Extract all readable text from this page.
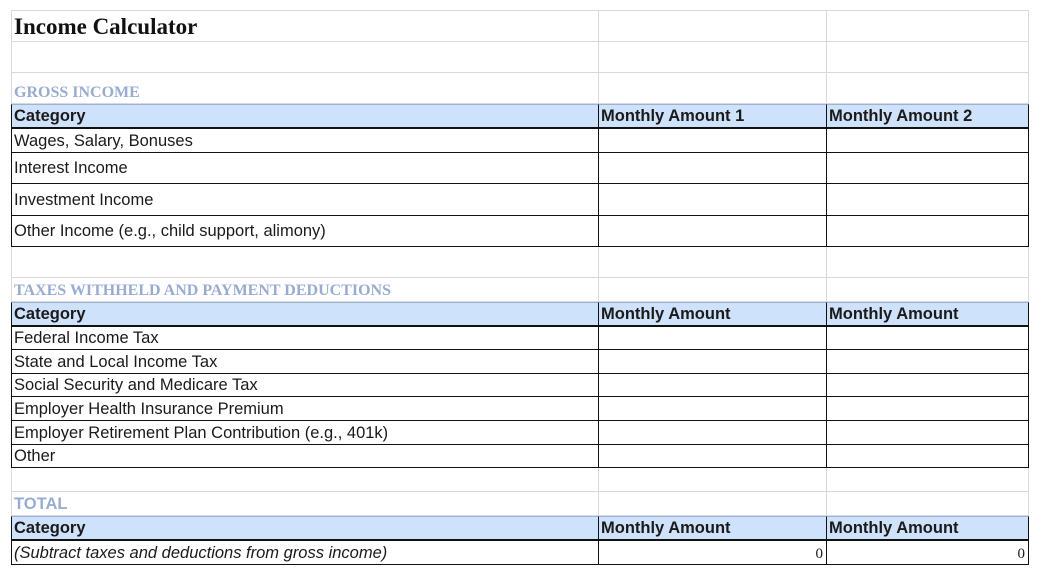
Income Calculator
GROSS INCOME
Category	Monthly Amount 1	Monthly Amount 2
Wages, Salary, Bonuses
Interest Income
Investment Income
Other Income (e.g., child support, alimony)
TAXES WITHHELD AND PAYMENT DEDUCTIONS
Category	Monthly Amount	Monthly Amount
Federal Income Tax
State and Local Income Tax
Social Security and Medicare Tax
Employer Health Insurance Premium
Employer Retirement Plan Contribution (e.g., 401k)
Other
TOTAL
Category	Monthly Amount	Monthly Amount
(Subtract taxes and deductions from gross income)	0	0
